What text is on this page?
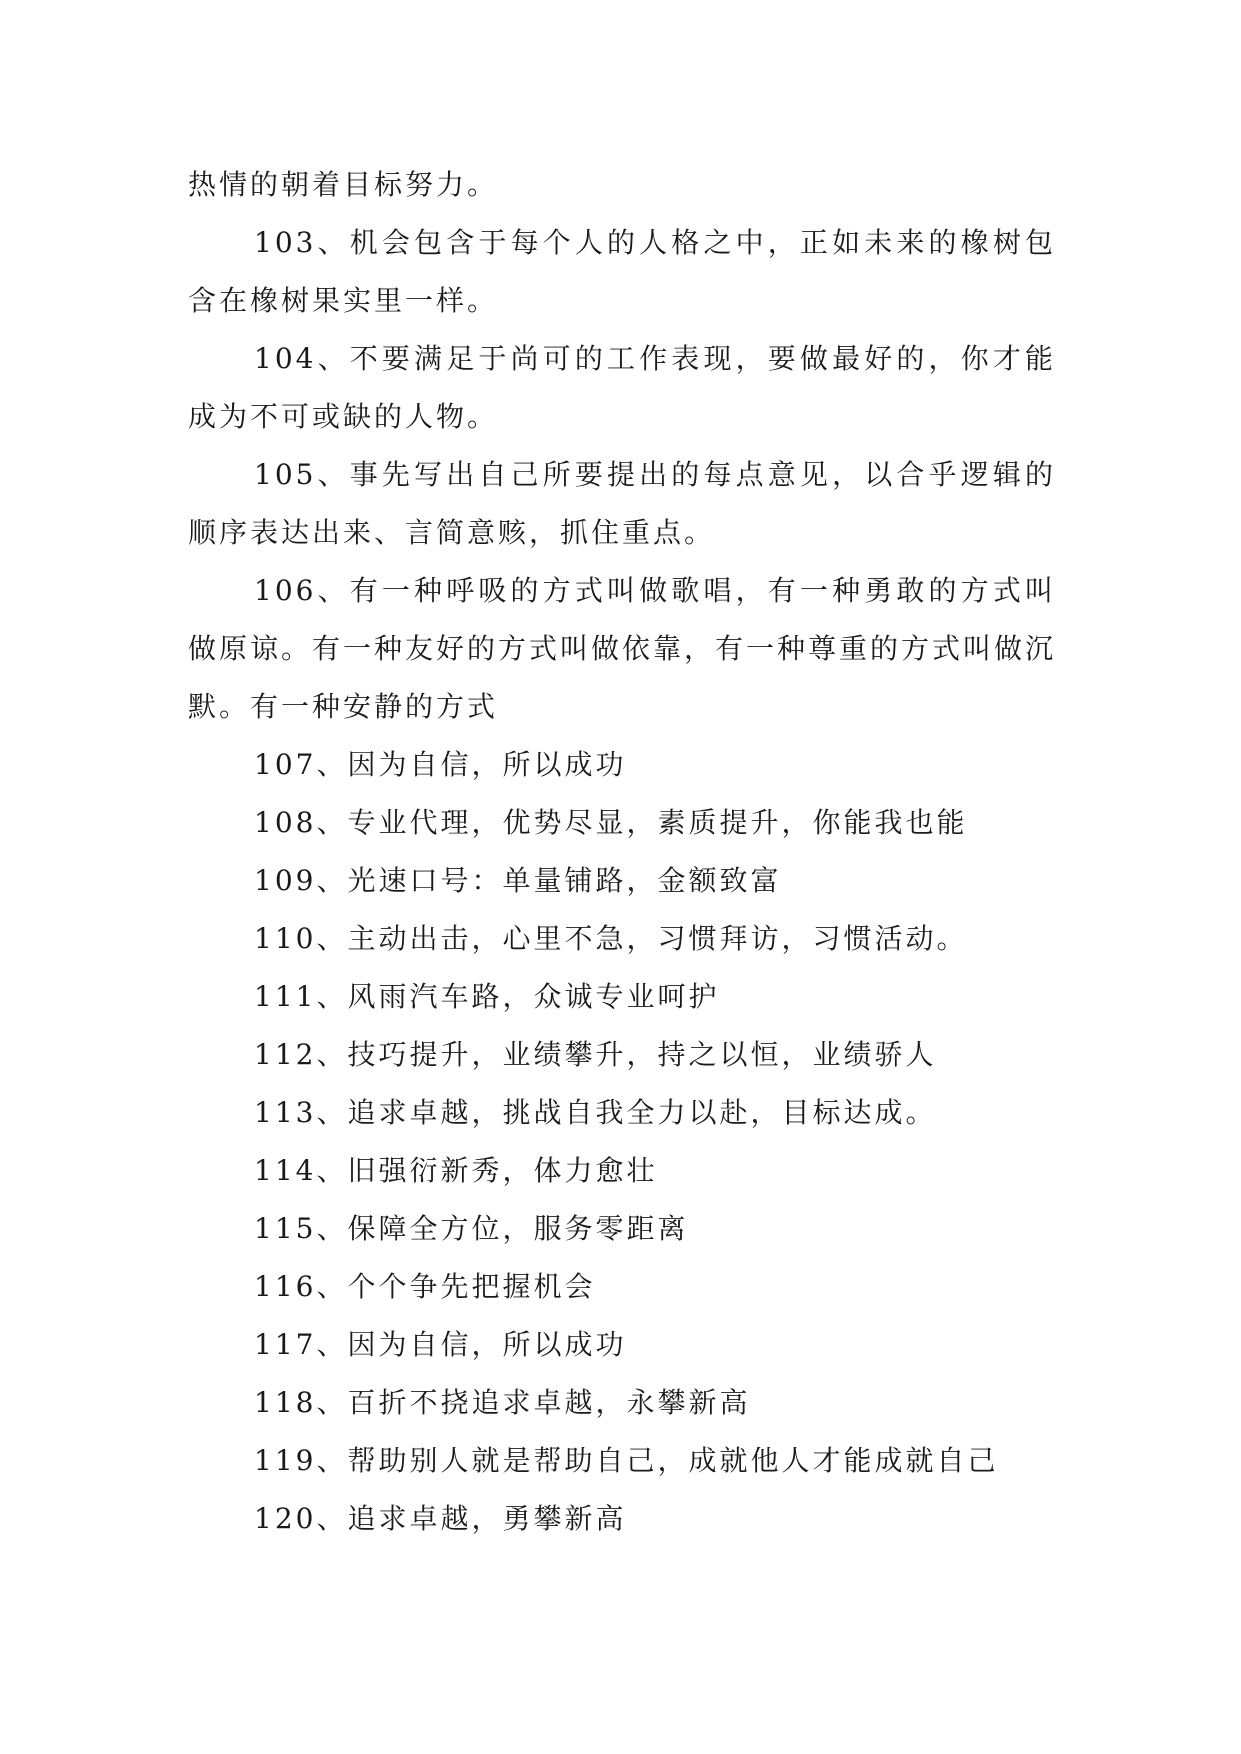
热情的朝着目标努力。

103、机会包含于每个人的人格之中，正如未来的橡树包含在橡树果实里一样。

104、不要满足于尚可的工作表现，要做最好的，你才能成为不可或缺的人物。

105、事先写出自己所要提出的每点意见，以合乎逻辑的顺序表达出来、言简意赅，抓住重点。

106、有一种呼吸的方式叫做歌唱，有一种勇敢的方式叫做原谅。有一种友好的方式叫做依靠，有一种尊重的方式叫做沉默。有一种安静的方式

107、因为自信，所以成功

108、专业代理，优势尽显，素质提升，你能我也能

109、光速口号：单量铺路，金额致富

110、主动出击，心里不急，习惯拜访，习惯活动。

111、风雨汽车路，众诚专业呵护

112、技巧提升，业绩攀升，持之以恒，业绩骄人

113、追求卓越，挑战自我全力以赴，目标达成。

114、旧强衍新秀，体力愈壮

115、保障全方位，服务零距离

116、个个争先把握机会

117、因为自信，所以成功

118、百折不挠追求卓越，永攀新高

119、帮助别人就是帮助自己，成就他人才能成就自己

120、追求卓越，勇攀新高
